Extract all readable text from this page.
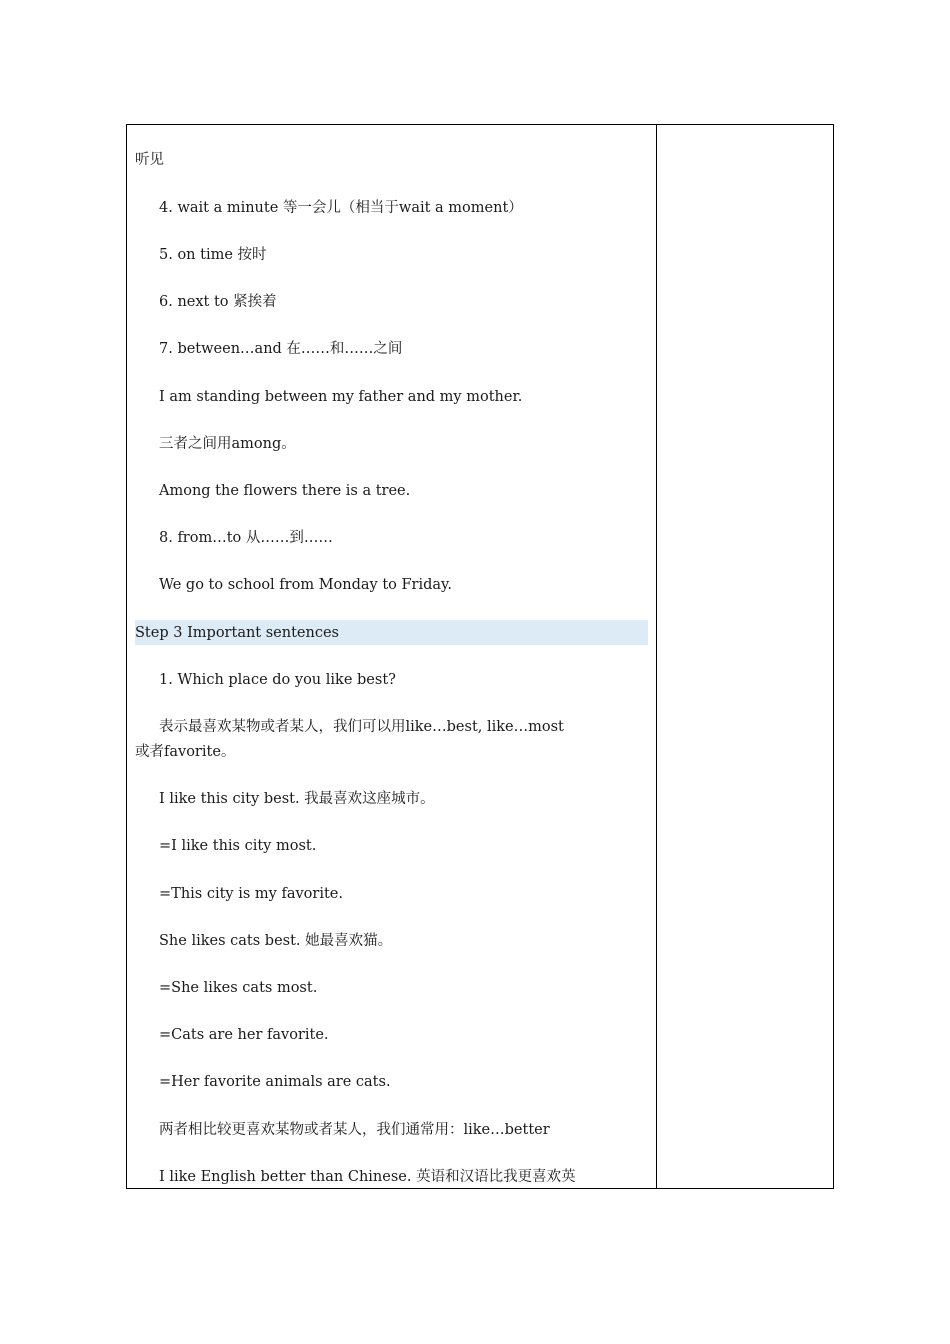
听见
4. wait a minute 等一会儿（相当于wait a moment）
5. on time 按时
6. next to 紧挨着
7. between…and 在……和……之间
I am standing between my father and my mother.
三者之间用among。
Among the flowers there is a tree.
8. from…to 从……到……
We go to school from Monday to Friday.
Step 3 Important sentences
1. Which place do you like best?
表示最喜欢某物或者某人，我们可以用like…best, like…most
或者favorite。
I like this city best. 我最喜欢这座城市。
=I like this city most.
=This city is my favorite.
She likes cats best. 她最喜欢猫。
=She likes cats most.
=Cats are her favorite.
=Her favorite animals are cats.
两者相比较更喜欢某物或者某人，我们通常用：like…better
I like English better than Chinese. 英语和汉语比我更喜欢英
